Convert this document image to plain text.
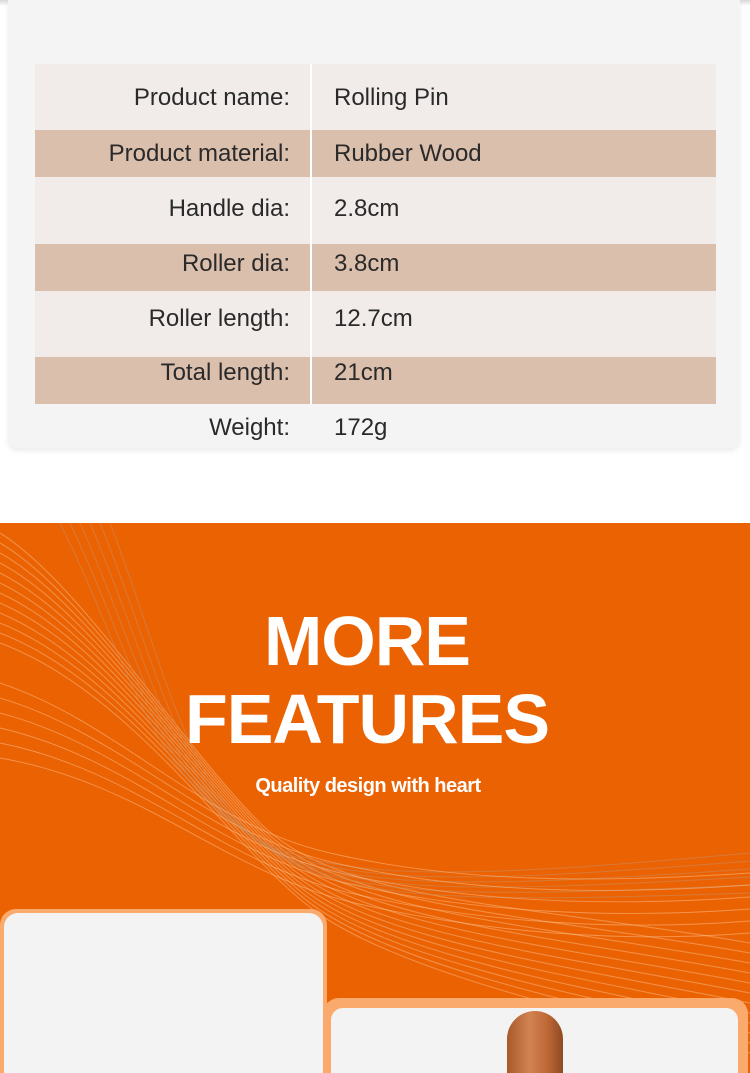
Product name: Rolling Pin
Product material: Rubber Wood
Handle dia: 2.8cm
Roller dia: 3.8cm
Roller length: 12.7cm
Total length: 21cm
Weight: 172g
MORE
FEATURES
Quality design with heart
